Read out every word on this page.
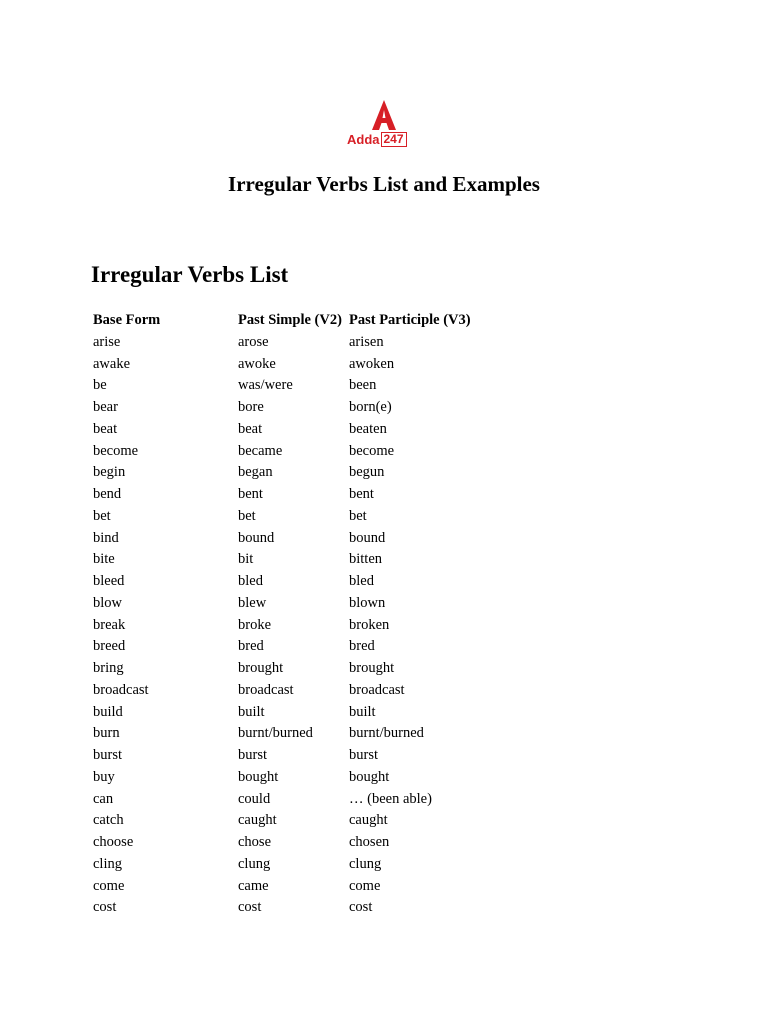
Adda 247
Irregular Verbs List and Examples
Irregular Verbs List
Base Form	Past Simple (V2)	Past Participle (V3)
arise	arose	arisen
awake	awoke	awoken
be	was/were	been
bear	bore	born(e)
beat	beat	beaten
become	became	become
begin	began	begun
bend	bent	bent
bet	bet	bet
bind	bound	bound
bite	bit	bitten
bleed	bled	bled
blow	blew	blown
break	broke	broken
breed	bred	bred
bring	brought	brought
broadcast	broadcast	broadcast
build	built	built
burn	burnt/burned	burnt/burned
burst	burst	burst
buy	bought	bought
can	could	… (been able)
catch	caught	caught
choose	chose	chosen
cling	clung	clung
come	came	come
cost	cost	cost
